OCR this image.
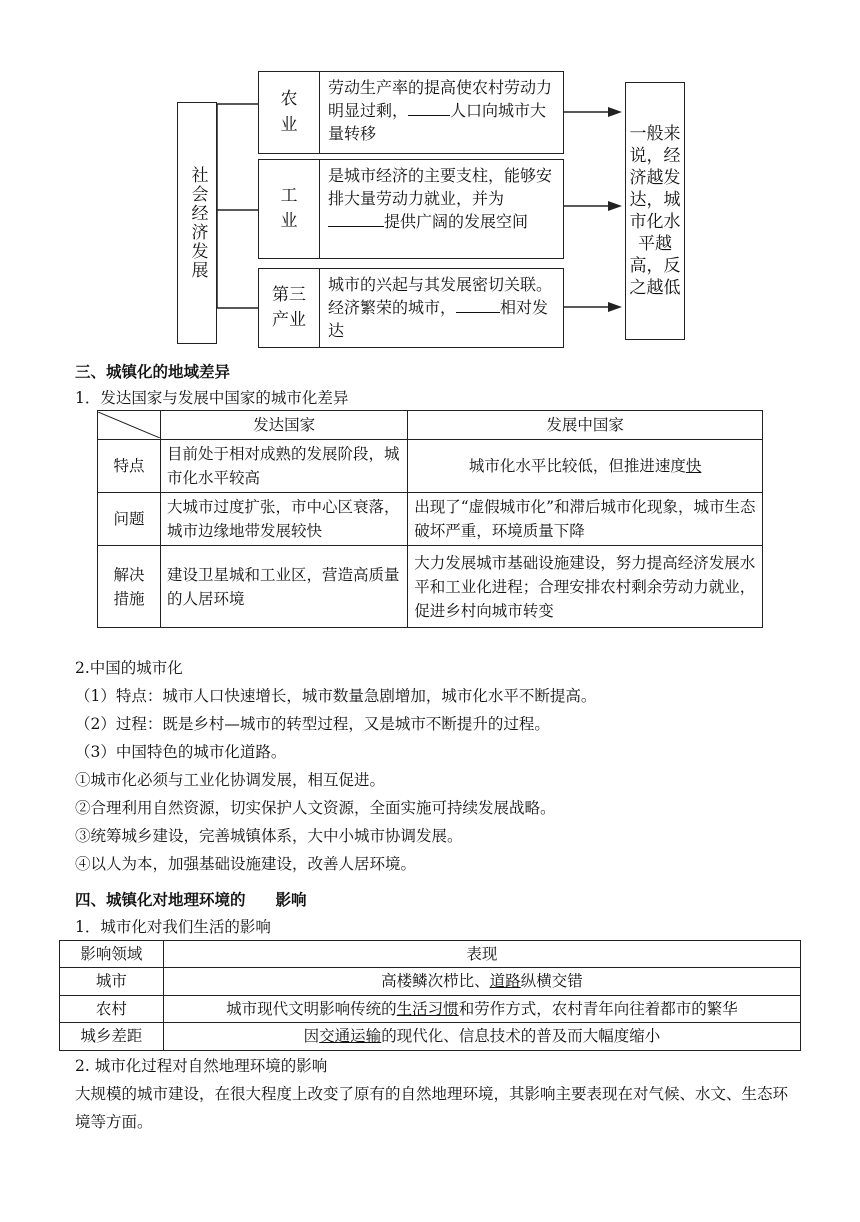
社会经济发展
农业
劳动生产率的提高使农村劳动力明显过剩，	人口向城市大量转移
工业
是城市经济的主要支柱，能够安排大量劳动力就业，并为提供广阔的发展空间
第三产业
城市的兴起与其发展密切关联。经济繁荣的城市，	相对发达
一般来说，经济越发达，城市化水平越高，反之越低
三、城镇化的地域差异
1．发达国家与发展中国家的城市化差异
	发达国家	发展中国家
特点	目前处于相对成熟的发展阶段，城市化水平较高	城市化水平比较低，但推进速度快
问题	大城市过度扩张，市中心区衰落，城市边缘地带发展较快	出现了“虚假城市化”和滞后城市化现象，城市生态破坏严重，环境质量下降
解决措施	建设卫星城和工业区，营造高质量的人居环境	大力发展城市基础设施建设，努力提高经济发展水平和工业化进程；合理安排农村剩余劳动力就业，促进乡村向城市转变
2.中国的城市化
（1）特点：城市人口快速增长，城市数量急剧增加，城市化水平不断提高。
（2）过程：既是乡村—城市的转型过程，又是城市不断提升的过程。
（3）中国特色的城市化道路。
①城市化必须与工业化协调发展，相互促进。
②合理利用自然资源，切实保护人文资源，全面实施可持续发展战略。
③统筹城乡建设，完善城镇体系，大中小城市协调发展。
④以人为本，加强基础设施建设，改善人居环境。
四、城镇化对地理环境的 影响
1．城市化对我们生活的影响
影响领域	表现
城市	高楼鳞次栉比、道路纵横交错
农村	城市现代文明影响传统的生活习惯和劳作方式，农村青年向往着都市的繁华
城乡差距	因交通运输的现代化、信息技术的普及而大幅度缩小
2. 城市化过程对自然地理环境的影响
大规模的城市建设，在很大程度上改变了原有的自然地理环境，其影响主要表现在对气候、水文、生态环境等方面。
